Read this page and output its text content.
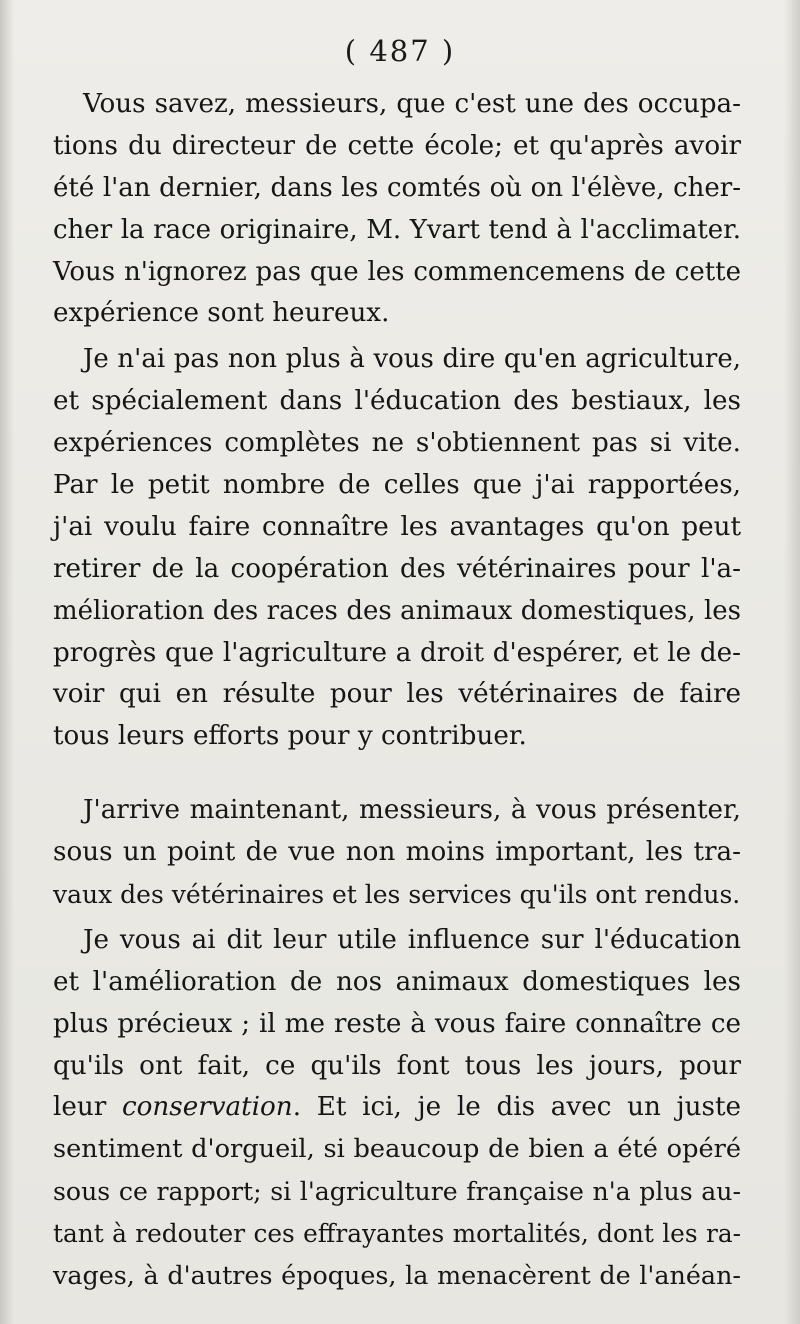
( 487 )
Vous savez, messieurs, que c'est une des occupa-
tions du directeur de cette école; et qu'après avoir
été l'an dernier, dans les comtés où on l'élève, cher-
cher la race originaire, M. Yvart tend à l'acclimater.
Vous n'ignorez pas que les commencemens de cette
expérience sont heureux.
Je n'ai pas non plus à vous dire qu'en agriculture,
et spécialement dans l'éducation des bestiaux, les
expériences complètes ne s'obtiennent pas si vite.
Par le petit nombre de celles que j'ai rapportées,
j'ai voulu faire connaître les avantages qu'on peut
retirer de la coopération des vétérinaires pour l'a-
mélioration des races des animaux domestiques, les
progrès que l'agriculture a droit d'espérer, et le de-
voir qui en résulte pour les vétérinaires de faire
tous leurs efforts pour y contribuer.
J'arrive maintenant, messieurs, à vous présenter,
sous un point de vue non moins important, les tra-
vaux des vétérinaires et les services qu'ils ont rendus.
Je vous ai dit leur utile influence sur l'éducation
et l'amélioration de nos animaux domestiques les
plus précieux ; il me reste à vous faire connaître ce
qu'ils ont fait, ce qu'ils font tous les jours, pour
leur conservation. Et ici, je le dis avec un juste
sentiment d'orgueil, si beaucoup de bien a été opéré
sous ce rapport; si l'agriculture française n'a plus au-
tant à redouter ces effrayantes mortalités, dont les ra-
vages, à d'autres époques, la menacèrent de l'anéan-
